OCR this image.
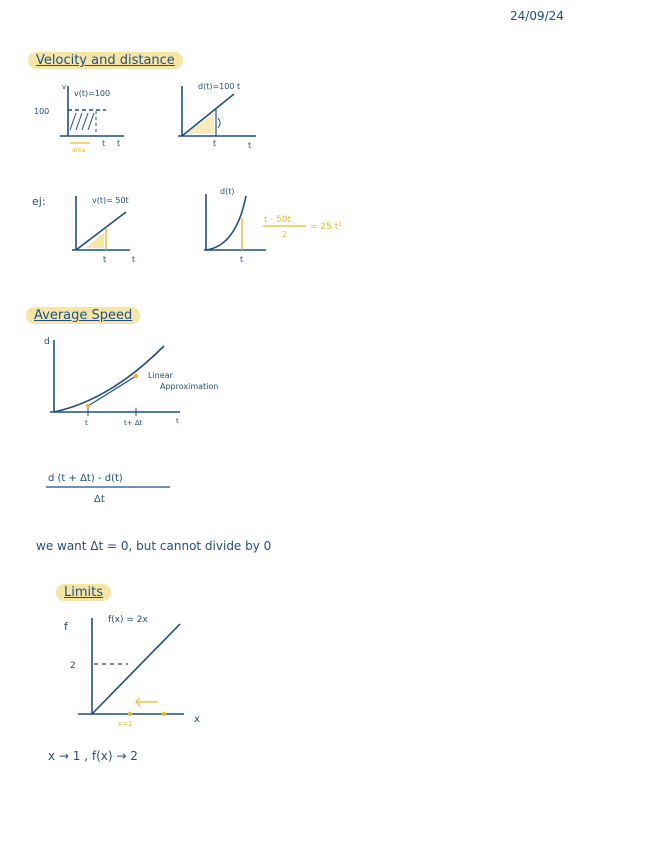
24/09/24
Velocity and distance
100
v
v(t)=100
t t
area
d(t)=100 t
t	t
ej:	v(t)= 50t
t	t
d(t)
t
t · 50t
2
= 25 t²
Average Speed
d
t	t+ Δt	t
Linear
Approximation
d (t + Δt) - d(t)
Δt
we want Δt = 0, but cannot divide by 0
Limits
f	f(x) = 2x
2
x
x=1
x → 1 , f(x) → 2
